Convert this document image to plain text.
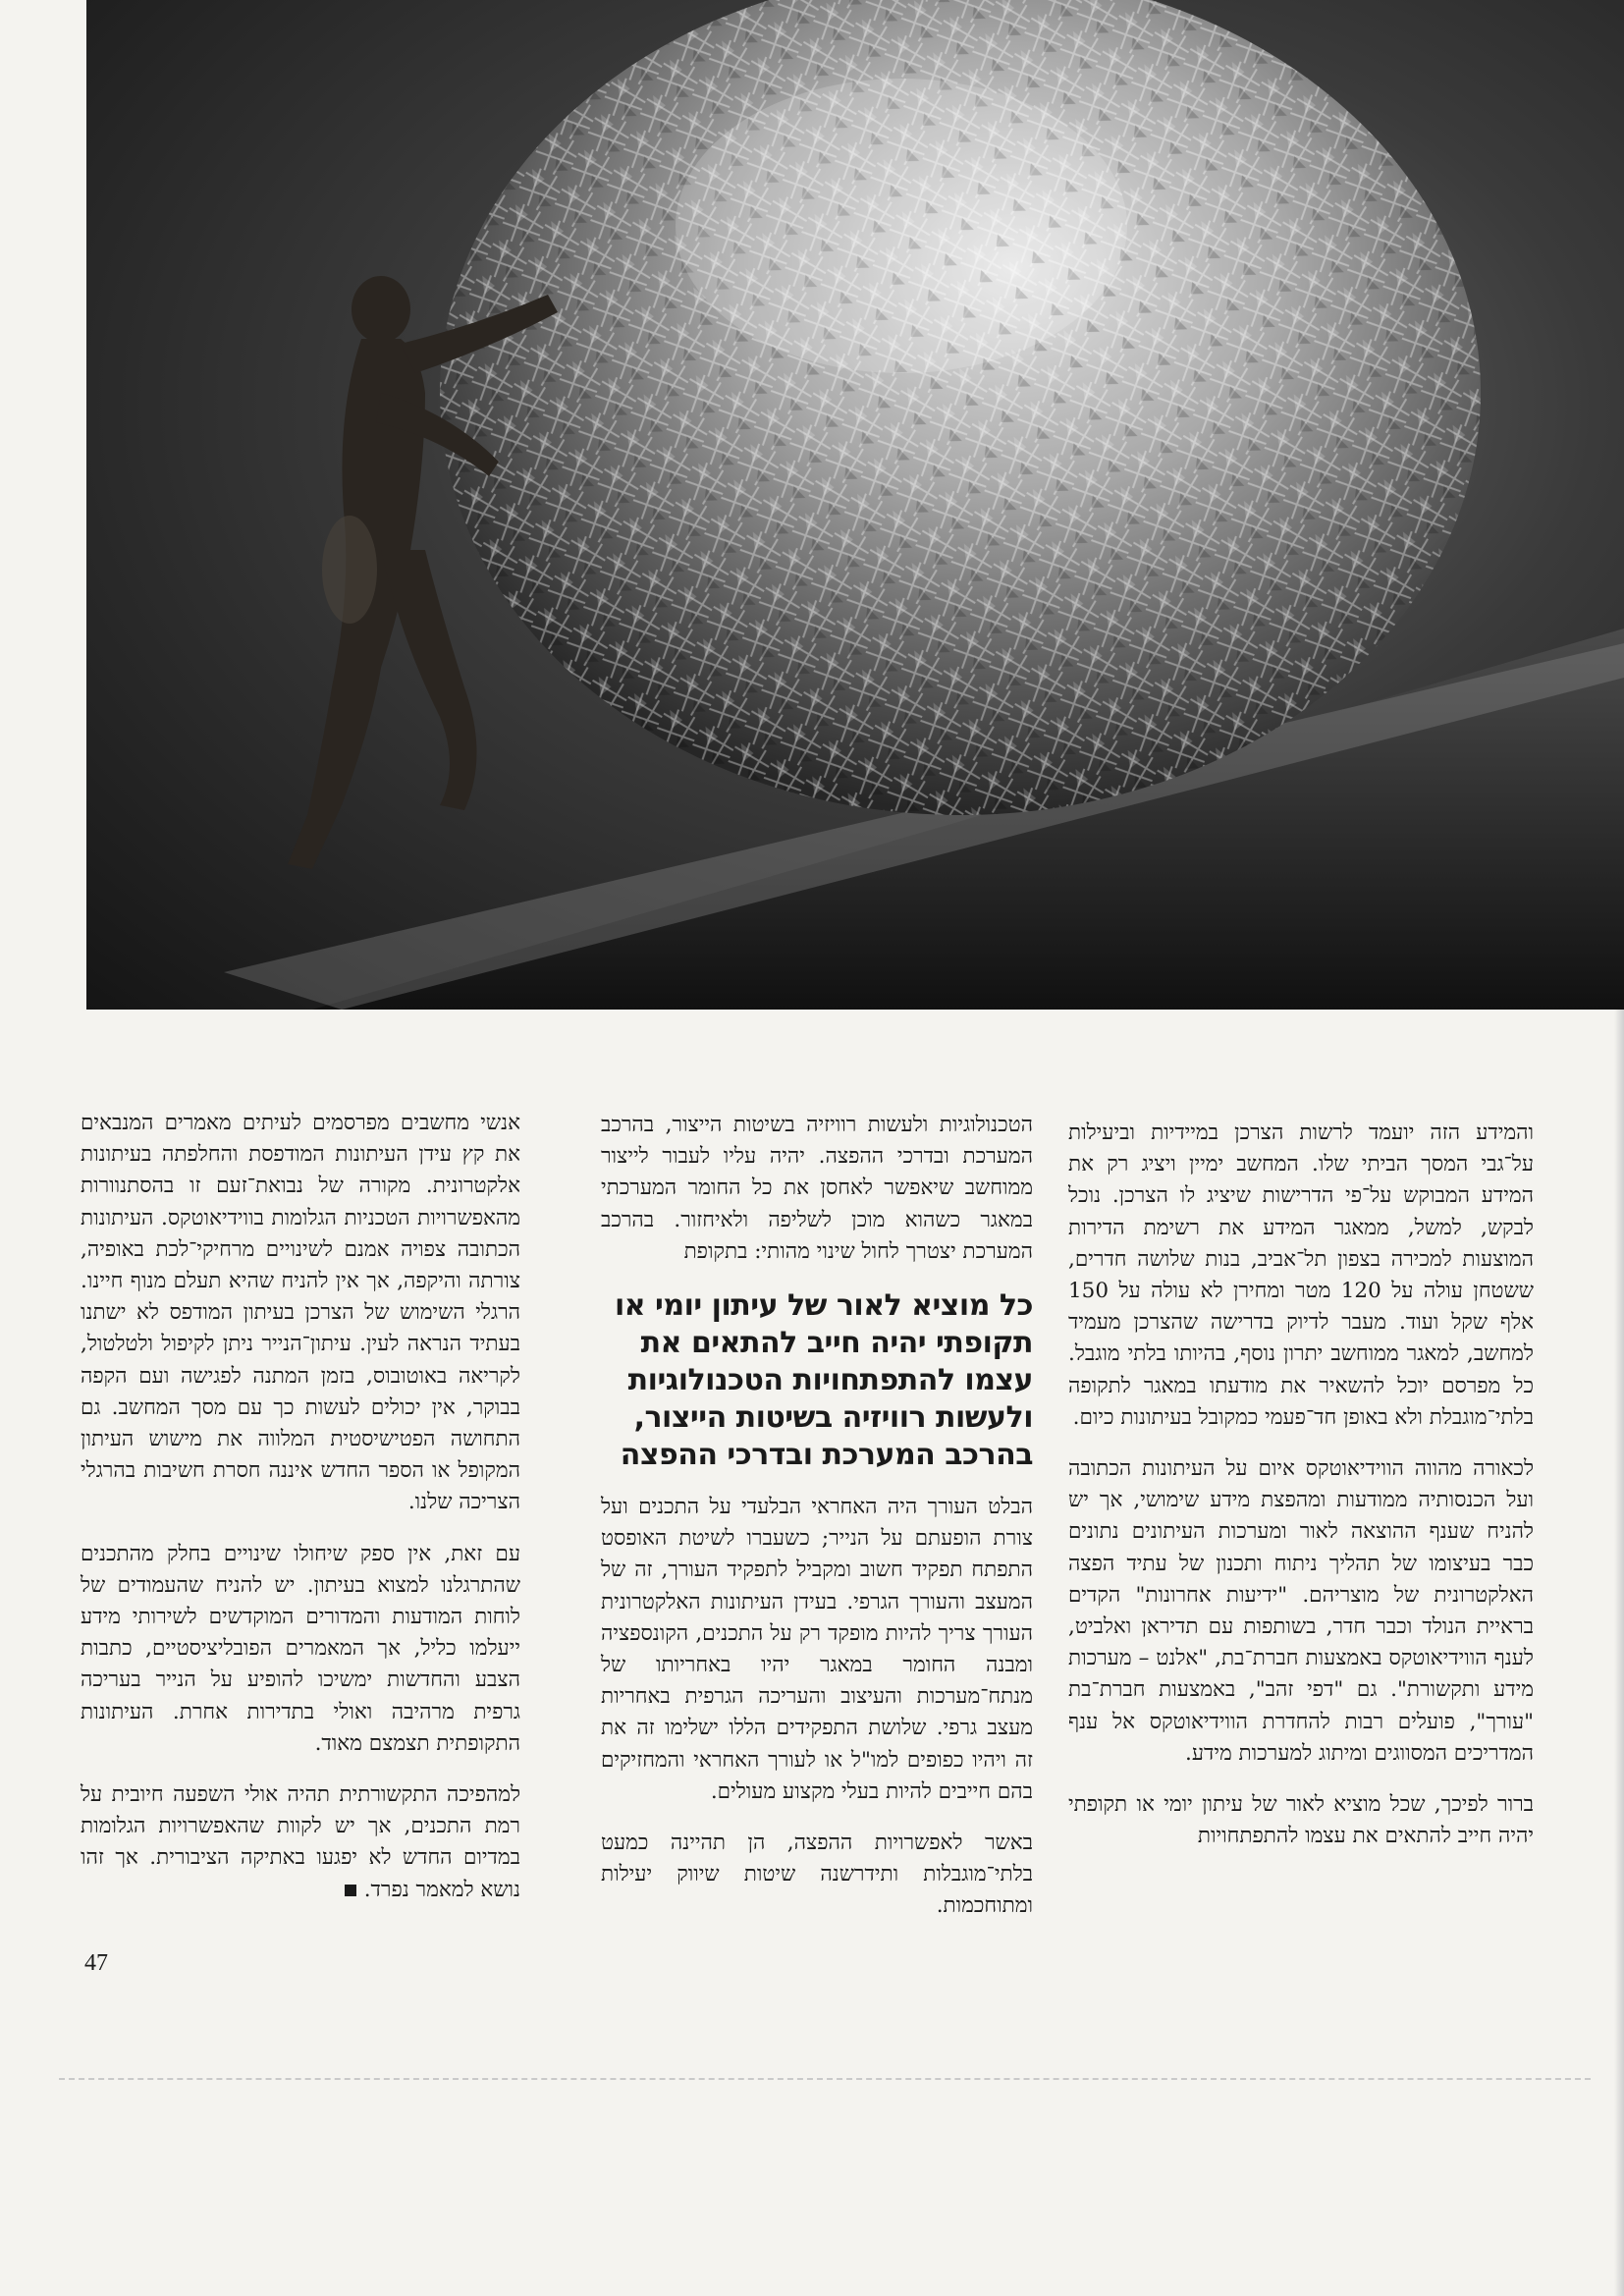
והמידע הזה יועמד לרשות הצרכן במיידיות וביעילות על־גבי המסך הביתי שלו. המחשב ימיין ויציג רק את המידע המבוקש על־פי הדרישות שיציג לו הצרכן. נוכל לבקש, למשל, ממאגר המידע את רשימת הדירות המוצעות למכירה בצפון תל־אביב, בנות שלושה חדרים, ששטחן עולה על 120 מטר ומחירן לא עולה על 150 אלף שקל ועוד. מעבר לדיוק בדרישה שהצרכן מעמיד למחשב, למאגר ממוחשב יתרון נוסף, בהיותו בלתי מוגבל. כל מפרסם יוכל להשאיר את מודעתו במאגר לתקופה בלתי־מוגבלת ולא באופן חד־פעמי כמקובל בעיתונות כיום.

לכאורה מהווה הווידיאוטקס איום על העיתונות הכתובה ועל הכנסותיה ממודעות ומהפצת מידע שימושי, אך יש להניח שענף ההוצאה לאור ומערכות העיתונים נתונים כבר בעיצומו של תהליך ניתוח ותכנון של עתיד הפצה האלקטרונית של מוצריהם. "ידיעות אחרונות" הקדים בראיית הנולד וכבר חדר, בשותפות עם תדיראן ואלביט, לענף הווידיאוטקס באמצעות חברת־בת, "אלנט – מערכות מידע ותקשורת". גם "דפי זהב", באמצעות חברת־בת "עורך", פועלים רבות להחדרת הווידיאוטקס אל ענף המדריכים המסווגים ומיתוג למערכות מידע.

ברור לפיכך, שכל מוציא לאור של עיתון יומי או תקופתי יהיה חייב להתאים את עצמו להתפתחויות

הטכנולוגיות ולעשות רוויזיה בשיטות הייצור, בהרכב המערכת ובדרכי ההפצה. יהיה עליו לעבור לייצור ממוחשב שיאפשר לאחסן את כל החומר המערכתי במאגר כשהוא מוכן לשליפה ולאיחזור. בהרכב המערכת יצטרך לחול שינוי מהותי: בתקופת

כל מוציא לאור של עיתון יומי או תקופתי יהיה חייב להתאים את עצמו להתפתחויות הטכנולוגיות ולעשות רוויזיה בשיטות הייצור, בהרכב המערכת ובדרכי ההפצה

הבלט העורך היה האחראי הבלעדי על התכנים ועל צורת הופעתם על הנייר; כשעברו לשיטת האופסט התפתח תפקיד חשוב ומקביל לתפקיד העורך, זה של המעצב והעורך הגרפי. בעידן העיתונות האלקטרונית העורך צריך להיות מופקד רק על התכנים, הקונספציה ומבנה החומר במאגר יהיו באחריותו של מנתח־מערכות והעיצוב והעריכה הגרפית באחריות מעצב גרפי. שלושת התפקידים הללו ישלימו זה את זה ויהיו כפופים למו"ל או לעורך האחראי והמחזיקים בהם חייבים להיות בעלי מקצוע מעולים.

באשר לאפשרויות ההפצה, הן תהיינה כמעט בלתי־מוגבלות ותידרשנה שיטות שיווק יעילות ומתוחכמות.

אנשי מחשבים מפרסמים לעיתים מאמרים המנבאים את קץ עידן העיתונות המודפסת והחלפתה בעיתונות אלקטרונית. מקורה של נבואת־זעם זו בהסתנוורות מהאפשרויות הטכניות הגלומות בווידיאוטקס. העיתונות הכתובה צפויה אמנם לשינויים מרחיקי־לכת באופיה, צורתה והיקפה, אך אין להניח שהיא תעלם מנוף חיינו. הרגלי השימוש של הצרכן בעיתון המודפס לא ישתנו בעתיד הנראה לעין. עיתון־הנייר ניתן לקיפול ולטלטול, לקריאה באוטובוס, בזמן המתנה לפגישה ועם הקפה בבוקר, אין יכולים לעשות כך עם מסך המחשב. גם התחושה הפטישיסטית המלווה את מישוש העיתון המקופל או הספר החדש איננה חסרת חשיבות בהרגלי הצריכה שלנו.

עם זאת, אין ספק שיחולו שינויים בחלק מהתכנים שהתרגלנו למצוא בעיתון. יש להניח שהעמודים של לוחות המודעות והמדורים המוקדשים לשירותי מידע ייעלמו כליל, אך המאמרים הפובליציסטיים, כתבות הצבע והחדשות ימשיכו להופיע על הנייר בעריכה גרפית מרהיבה ואולי בתדירות אחרת. העיתונות התקופתית תצמצם מאוד.

למהפיכה התקשורתית תהיה אולי השפעה חיובית על רמת התכנים, אך יש לקוות שהאפשרויות הגלומות במדיום החדש לא יפגעו באתיקה הציבורית. אך זהו נושא למאמר נפרד.

47
